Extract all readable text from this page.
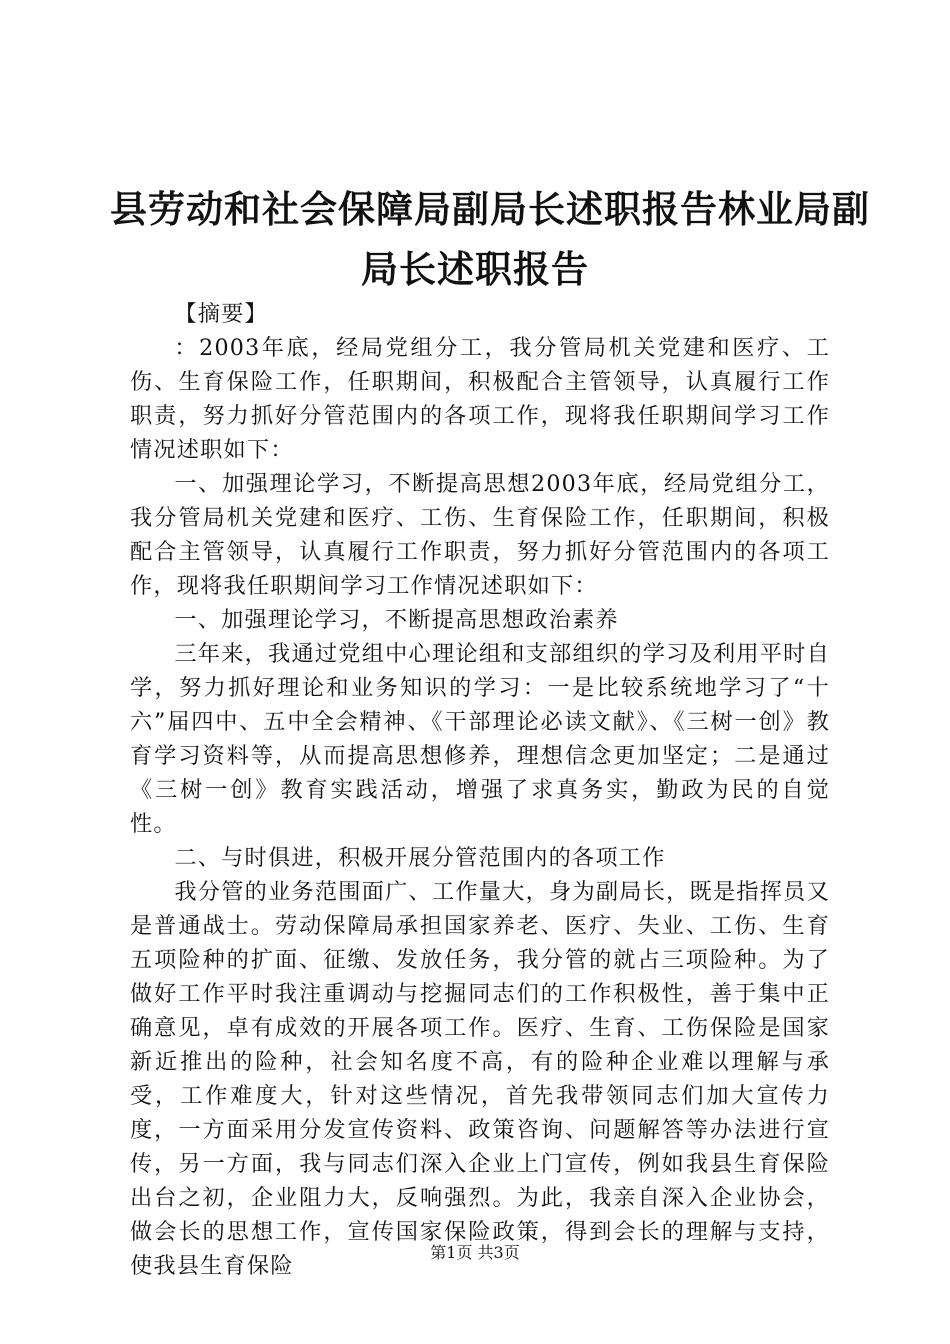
县劳动和社会保障局副局长述职报告林业局副
局长述职报告

【摘要】

：2003年底，经局党组分工，我分管局机关党建和医疗、工伤、生育保险工作，任职期间，积极配合主管领导，认真履行工作职责，努力抓好分管范围内的各项工作，现将我任职期间学习工作情况述职如下：

一、加强理论学习，不断提高思想2003年底，经局党组分工，我分管局机关党建和医疗、工伤、生育保险工作，任职期间，积极配合主管领导，认真履行工作职责，努力抓好分管范围内的各项工作，现将我任职期间学习工作情况述职如下：

一、加强理论学习，不断提高思想政治素养

三年来，我通过党组中心理论组和支部组织的学习及利用平时自学，努力抓好理论和业务知识的学习：一是比较系统地学习了“十六”届四中、五中全会精神、《干部理论必读文献》、《三树一创》教育学习资料等，从而提高思想修养，理想信念更加坚定；二是通过《三树一创》教育实践活动，增强了求真务实，勤政为民的自觉性。

二、与时俱进，积极开展分管范围内的各项工作

我分管的业务范围面广、工作量大，身为副局长，既是指挥员又是普通战士。劳动保障局承担国家养老、医疗、失业、工伤、生育五项险种的扩面、征缴、发放任务，我分管的就占三项险种。为了做好工作平时我注重调动与挖掘同志们的工作积极性，善于集中正确意见，卓有成效的开展各项工作。医疗、生育、工伤保险是国家新近推出的险种，社会知名度不高，有的险种企业难以理解与承受，工作难度大，针对这些情况，首先我带领同志们加大宣传力度，一方面采用分发宣传资料、政策咨询、问题解答等办法进行宣传，另一方面，我与同志们深入企业上门宣传，例如我县生育保险出台之初，企业阻力大，反响强烈。为此，我亲自深入企业协会，做会长的思想工作，宣传国家保险政策，得到会长的理解与支持，使我县生育保险

第1页 共3页
